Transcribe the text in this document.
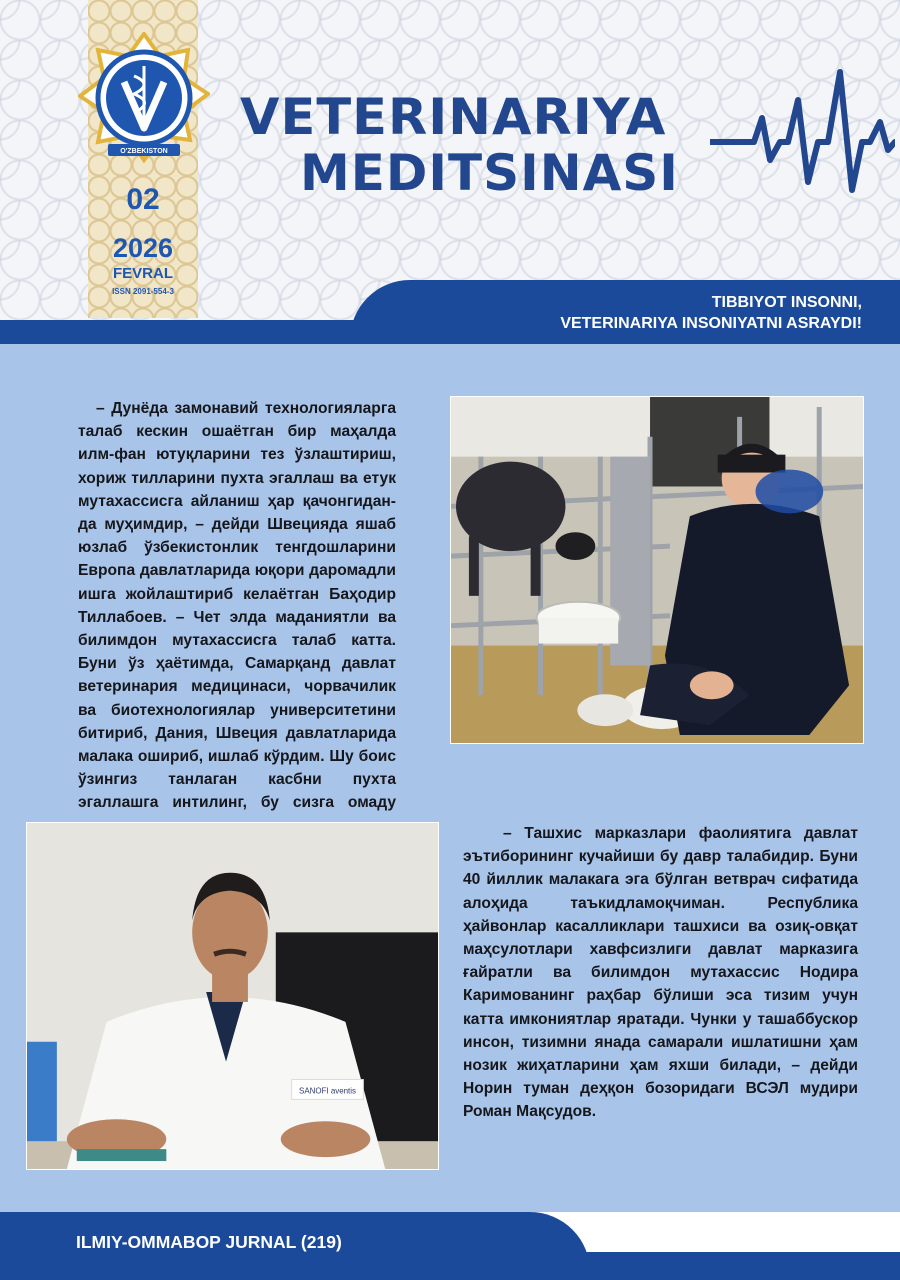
O'ZBEKISTON
02
2026
FEVRAL
ISSN 2091-554-3
VETERINARIYA
MEDITSINASI
TIBBIYOT INSONNI,
VETERINARIYA INSONIYATNI ASRAYDI!

– Дунёда замонавий технологияларга талаб кескин ошаётган бир маҳалда илм-фан ютуқларини тез ўзлаштириш, хориж тилларини пухта эгаллаш ва етук мутахассисга айланиш ҳар қачонгидан-да муҳимдир, – дейди Швецияда яшаб юзлаб ўзбекистонлик тенгдошларини Европа давлатларида юқори даромадли ишга жойлаштириб келаётган Баҳодир Тиллабоев. – Чет элда маданиятли ва билимдон мутахассисга талаб катта. Буни ўз ҳаётимда, Самарқанд давлат ветеринария медицинаси, чорвачилик ва биотехнологиялар университетини битириб, Дания, Швеция давлатларида малака ошириб, ишлаб кўрдим. Шу боис ўзингиз танлаган касбни пухта эгаллашга интилинг, бу сизга омаду

SANOFI aventis

– Ташхис марказлари фаолиятига давлат эътиборининг кучайиши бу давр талабидир. Буни 40 йиллик малакага эга бўлган ветврач сифатида алоҳида таъкидламоқчиман. Республика ҳайвонлар касалликлари ташхиси ва озиқ-овқат маҳсулотлари хавфсизлиги давлат марказига ғайратли ва билимдон мутахассис Нодира Каримованинг раҳбар бўлиши эса тизим учун катта имкониятлар яратади. Чунки у ташаббускор инсон, тизимни янада самарали ишлатишни ҳам нозик жиҳатларини ҳам яхши билади, – дейди Норин туман деҳқон бозоридаги ВСЭЛ мудири Роман Мақсудов.

ILMIY-OMMABOP JURNAL (219)
